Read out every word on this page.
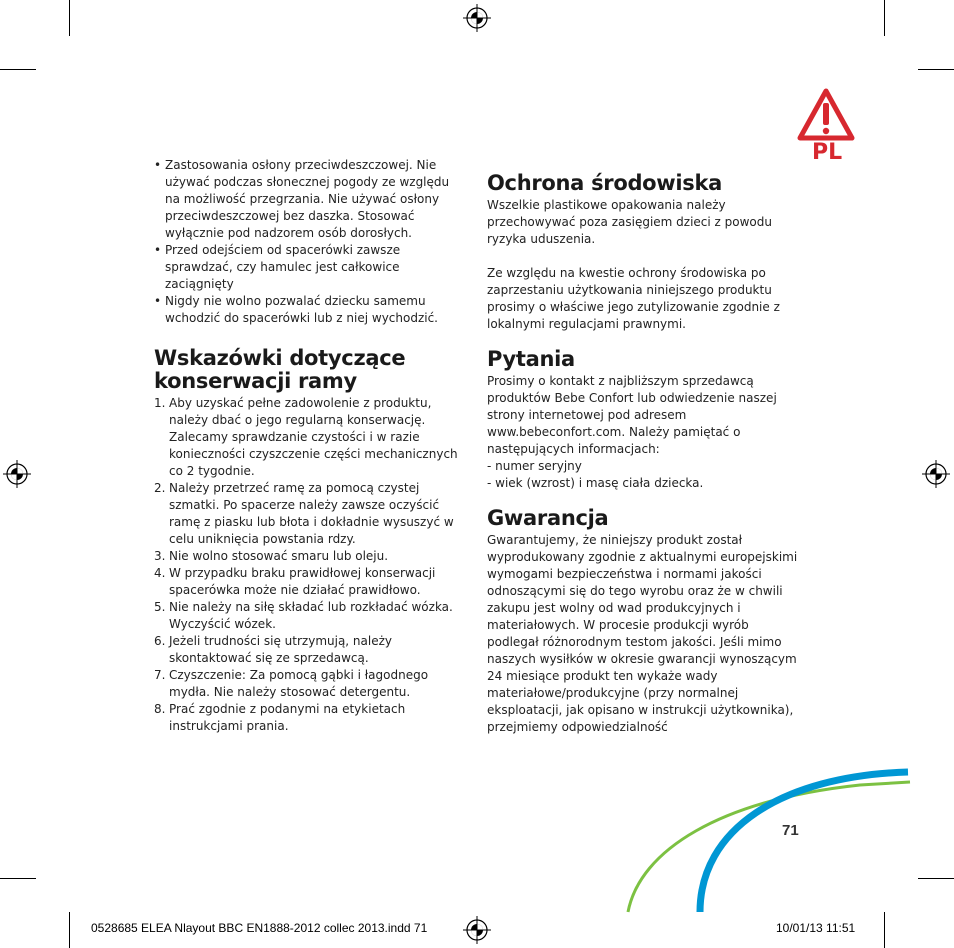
PL
• Zastosowania osłony przeciwdeszczowej. Nie używać podczas słonecznej pogody ze względu na możliwość przegrzania. Nie używać osłony przeciwdeszczowej bez daszka. Stosować wyłącznie pod nadzorem osób dorosłych.
• Przed odejściem od spacerówki zawsze sprawdzać, czy hamulec jest całkowice zaciągnięty
• Nigdy nie wolno pozwalać dziecku samemu wchodzić do spacerówki lub z niej wychodzić.
Wskazówki dotyczące konserwacji ramy
1. Aby uzyskać pełne zadowolenie z produktu, należy dbać o jego regularną konserwację. Zalecamy sprawdzanie czystości i w razie konieczności czyszczenie części mechanicznych co 2 tygodnie.
2. Należy przetrzeć ramę za pomocą czystej szmatki. Po spacerze należy zawsze oczyścić ramę z piasku lub błota i dokładnie wysuszyć w celu uniknięcia powstania rdzy.
3. Nie wolno stosować smaru lub oleju.
4. W przypadku braku prawidłowej konserwacji spacerówka może nie działać prawidłowo.
5. Nie należy na siłę składać lub rozkładać wózka. Wyczyścić wózek.
6. Jeżeli trudności się utrzymują, należy skontaktować się ze sprzedawcą.
7. Czyszczenie: Za pomocą gąbki i łagodnego mydła. Nie należy stosować detergentu.
8. Prać zgodnie z podanymi na etykietach instrukcjami prania.
Ochrona środowiska

Wszelkie plastikowe opakowania należy przechowywać poza zasięgiem dzieci z powodu ryzyka uduszenia.

Ze względu na kwestie ochrony środowiska po zaprzestaniu użytkowania niniejszego produktu prosimy o właściwe jego zutylizowanie zgodnie z lokalnymi regulacjami prawnymi.

Pytania

Prosimy o kontakt z najbliższym sprzedawcą produktów Bebe Confort lub odwiedzenie naszej strony internetowej pod adresem www.bebeconfort.com. Należy pamiętać o następujących informacjach:

- numer seryjny

- wiek (wzrost) i masę ciała dziecka.

Gwarancja

Gwarantujemy, że niniejszy produkt został wyprodukowany zgodnie z aktualnymi europejskimi wymogami bezpieczeństwa i normami jakości odnoszącymi się do tego wyrobu oraz że w chwili zakupu jest wolny od wad produkcyjnych i materiałowych. W procesie produkcji wyrób podlegał różnorodnym testom jakości. Jeśli mimo naszych wysiłków w okresie gwarancji wynoszącym 24 miesiące produkt ten wykaże wady materiałowe/produkcyjne (przy normalnej eksploatacji, jak opisano w instrukcji użytkownika), przejmiemy odpowiedzialność

71
0528685 ELEA Nlayout BBC EN1888-2012 collec 2013.indd 71	10/01/13 11:51
